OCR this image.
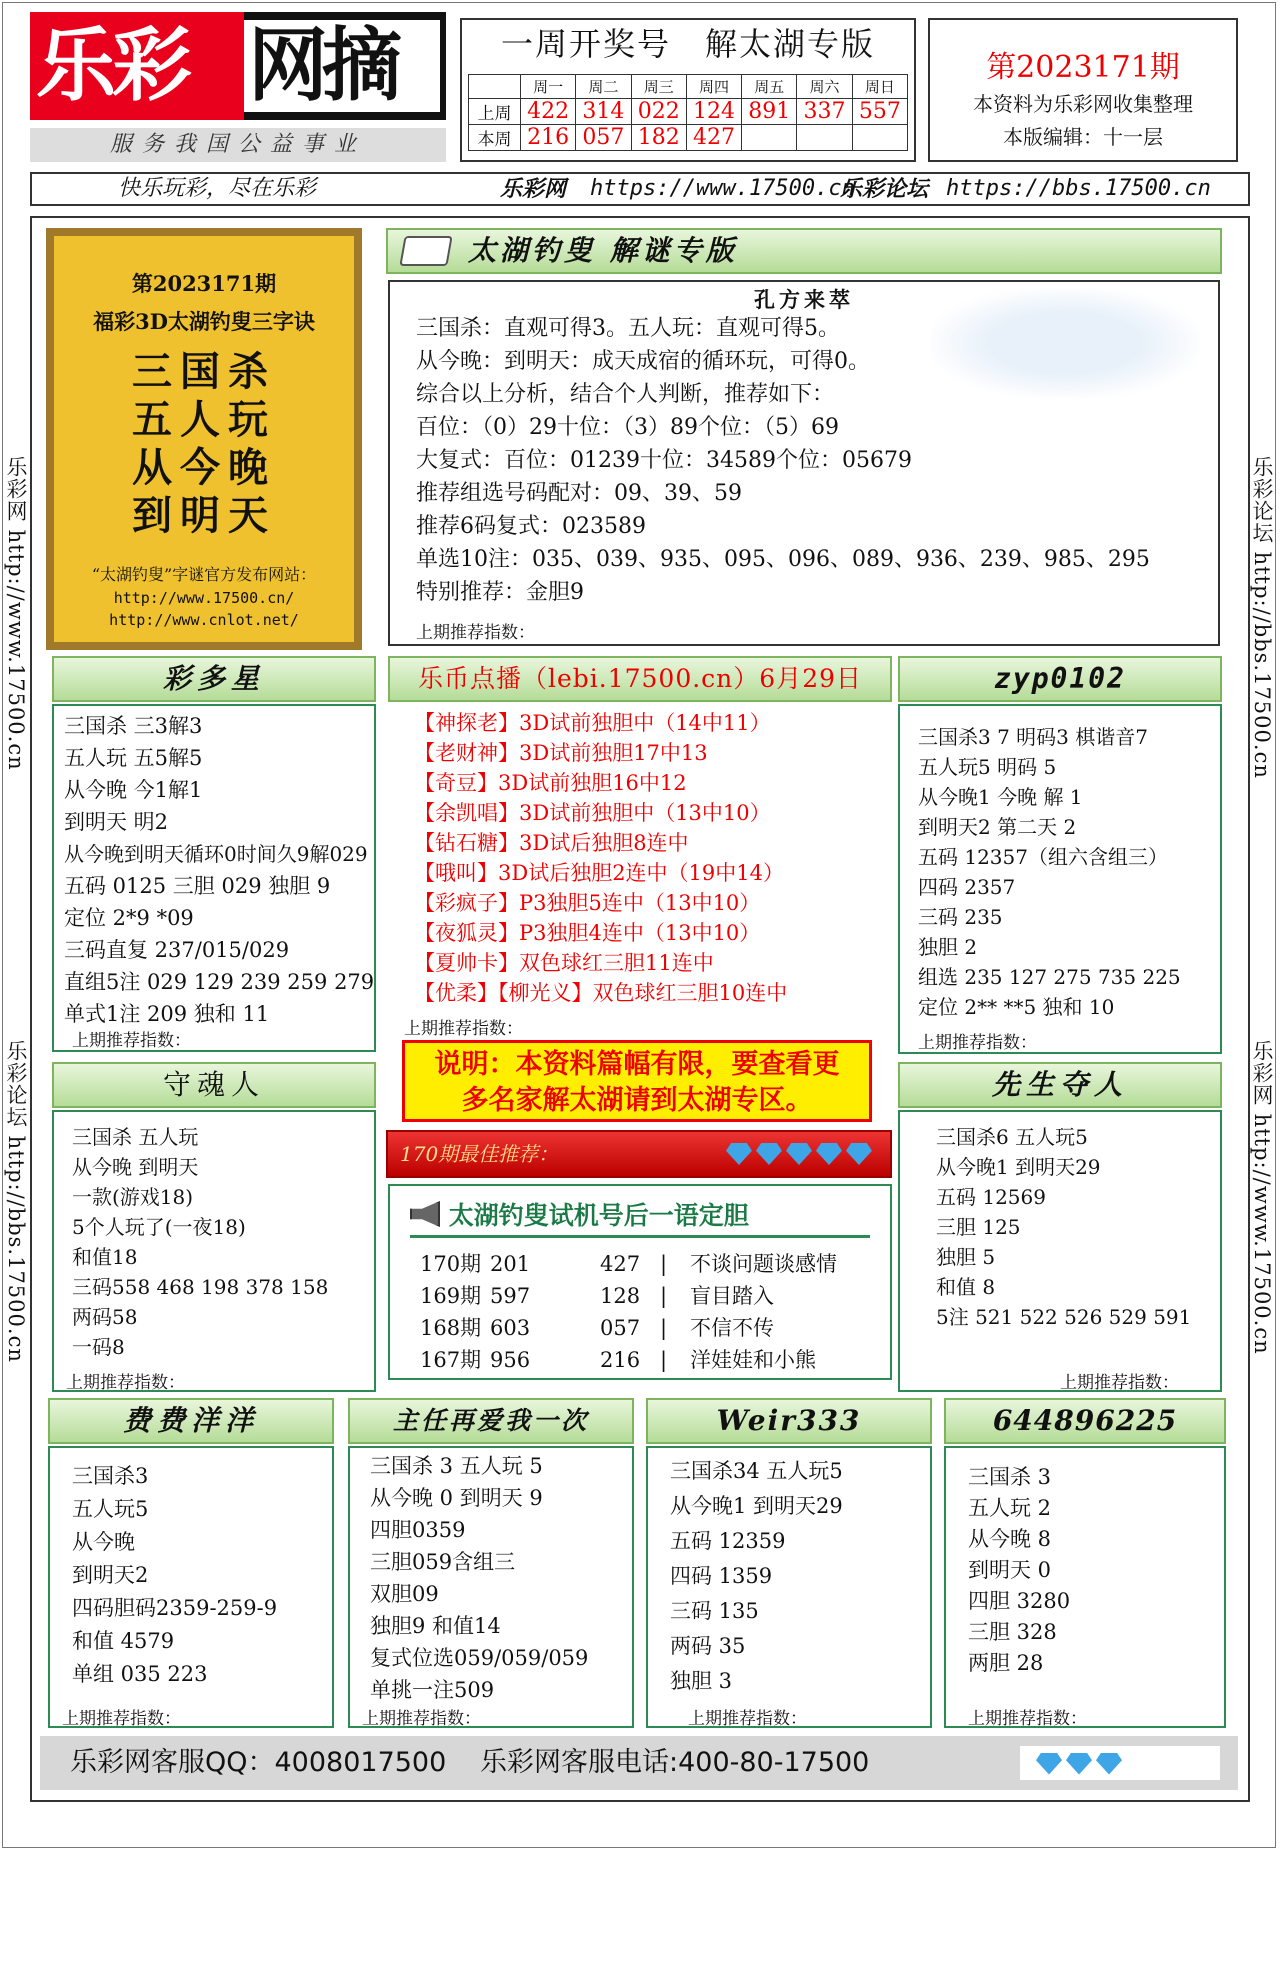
乐彩 网摘
服务我国公益事业
一周开奖号　解太湖专版
	周一	周二	周三	周四	周五	周六	周日
上周	422	314	022	124	891	337	557
本周	216	057	182	427			
第2023171期
本资料为乐彩网收集整理
本版编辑：十一层
快乐玩彩，尽在乐彩	乐彩网 https://www.17500.cn
乐彩论坛 https://bbs.17500.cn
乐彩网 http://www.17500.cn
乐彩论坛 http://bbs.17500.cn
乐彩论坛 http://bbs.17500.cn
乐彩网 http://www.17500.cn
第2023171期
福彩3D太湖钓叟三字诀
三国杀
五人玩
从今晚
到明天
“太湖钓叟”字谜官方发布网站：
http://www.17500.cn/
http://www.cnlot.net/
太湖钓叟 解谜专版
孔方来萃
三国杀：直观可得3。五人玩：直观可得5。
从今晚：到明天：成天成宿的循环玩，可得0。
综合以上分析，结合个人判断，推荐如下：
百位：（0）29十位：（3）89个位：（5）69
大复式：百位：01239十位：34589个位：05679
推荐组选号码配对：09、39、59
推荐6码复式：023589
单选10注：035、039、935、095、096、089、936、239、985、295
特别推荐：金胆9
上期推荐指数：
彩多星
三国杀 三3解3
五人玩 五5解5
从今晚 今1解1
到明天 明2
从今晚到明天循环0时间久9解029
五码 0125 三胆 029 独胆 9
定位 2*9 *09
三码直复 237/015/029
直组5注 029 129 239 259 279
单式1注 209 独和 11
上期推荐指数：
乐币点播（lebi.17500.cn）6月29日
【神探老】3D试前独胆中（14中11）
【老财神】3D试前独胆17中13
【奇豆】3D试前独胆16中12
【余凯唱】3D试前独胆中（13中10）
【钻石糖】3D试后独胆8连中
【哦叫】3D试后独胆2连中（19中14）
【彩疯子】P3独胆5连中（13中10）
【夜狐灵】P3独胆4连中（13中10）
【夏帅卡】双色球红三胆11连中
【优柔】【柳光义】双色球红三胆10连中
上期推荐指数：
zyp0102
三国杀3 7 明码3 棋谐音7
五人玩5 明码 5
从今晚1 今晚 解 1
到明天2 第二天 2
五码 12357（组六含组三）
四码 2357
三码 235
独胆 2
组选 235 127 275 735 225
定位 2** **5 独和 10
上期推荐指数：
守魂人
三国杀 五人玩
从今晚 到明天
一款(游戏18)
5个人玩了(一夜18)
和值18
三码558 468 198 378 158
两码58
一码8
上期推荐指数：
说明：本资料篇幅有限，要查看更
多名家解太湖请到太湖专区。
170期最佳推荐：
太湖钓叟试机号后一语定胆
170期 201	427 | 不谈问题谈感情
169期 597	128 | 盲目踏入
168期 603	057 | 不信不传
167期 956	216 | 洋娃娃和小熊
先生夺人
三国杀6 五人玩5
从今晚1 到明天29
五码 12569
三胆 125
独胆 5
和值 8
5注 521 522 526 529 591
上期推荐指数：
费费洋洋
三国杀3
五人玩5
从今晚
到明天2
四码胆码2359-259-9
和值 4579
单组 035 223
上期推荐指数：
主任再爱我一次
三国杀 3 五人玩 5
从今晚 0 到明天 9
四胆0359
三胆059含组三
双胆09
独胆9 和值14
复式位选059/059/059
单挑一注509
上期推荐指数：
Weir333
三国杀34 五人玩5
从今晚1 到明天29
五码 12359
四码 1359
三码 135
两码 35
独胆 3
上期推荐指数：
644896225
三国杀 3
五人玩 2
从今晚 8
到明天 0
四胆 3280
三胆 328
两胆 28
上期推荐指数：
乐彩网客服QQ：4008017500 乐彩网客服电话:400-80-17500
